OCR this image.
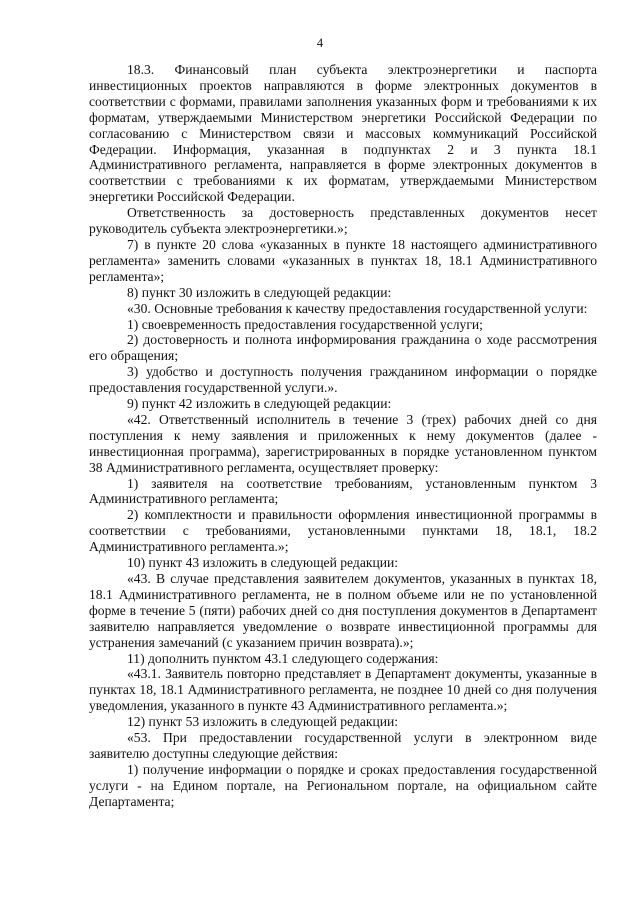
4

18.3. Финансовый план субъекта электроэнергетики и паспорта инвестиционных проектов направляются в форме электронных документов в соответствии с формами, правилами заполнения указанных форм и требованиями к их форматам, утверждаемыми Министерством энергетики Российской Федерации по согласованию с Министерством связи и массовых коммуникаций Российской Федерации. Информация, указанная в подпунктах 2 и 3 пункта 18.1 Административного регламента, направляется в форме электронных документов в соответствии с требованиями к их форматам, утверждаемыми Министерством энергетики Российской Федерации.

Ответственность за достоверность представленных документов несет руководитель субъекта электроэнергетики.»;

7) в пункте 20 слова «указанных в пункте 18 настоящего административного регламента» заменить словами «указанных в пунктах 18, 18.1 Административного регламента»;

8) пункт 30 изложить в следующей редакции:

«30. Основные требования к качеству предоставления государственной услуги:

1) своевременность предоставления государственной услуги;

2) достоверность и полнота информирования гражданина о ходе рассмотрения его обращения;

3) удобство и доступность получения гражданином информации о порядке предоставления государственной услуги.».

9) пункт 42 изложить в следующей редакции:

«42. Ответственный исполнитель в течение 3 (трех) рабочих дней со дня поступления к нему заявления и приложенных к нему документов (далее - инвестиционная программа), зарегистрированных в порядке установленном пунктом 38 Административного регламента, осуществляет проверку:

1) заявителя на соответствие требованиям, установленным пунктом 3 Административного регламента;

2) комплектности и правильности оформления инвестиционной программы в соответствии с требованиями, установленными пунктами 18, 18.1, 18.2 Административного регламента.»;

10) пункт 43 изложить в следующей редакции:

«43. В случае представления заявителем документов, указанных в пунктах 18, 18.1 Административного регламента, не в полном объеме или не по установленной форме в течение 5 (пяти) рабочих дней со дня поступления документов в Департамент заявителю направляется уведомление о возврате инвестиционной программы для устранения замечаний (с указанием причин возврата).»;

11) дополнить пунктом 43.1 следующего содержания:

«43.1. Заявитель повторно представляет в Департамент документы, указанные в пунктах 18, 18.1 Административного регламента, не позднее 10 дней со дня получения уведомления, указанного в пункте 43 Административного регламента.»;

12) пункт 53 изложить в следующей редакции:

«53. При предоставлении государственной услуги в электронном виде заявителю доступны следующие действия:

1) получение информации о порядке и сроках предоставления государственной услуги - на Едином портале, на Региональном портале, на официальном сайте Департамента;
